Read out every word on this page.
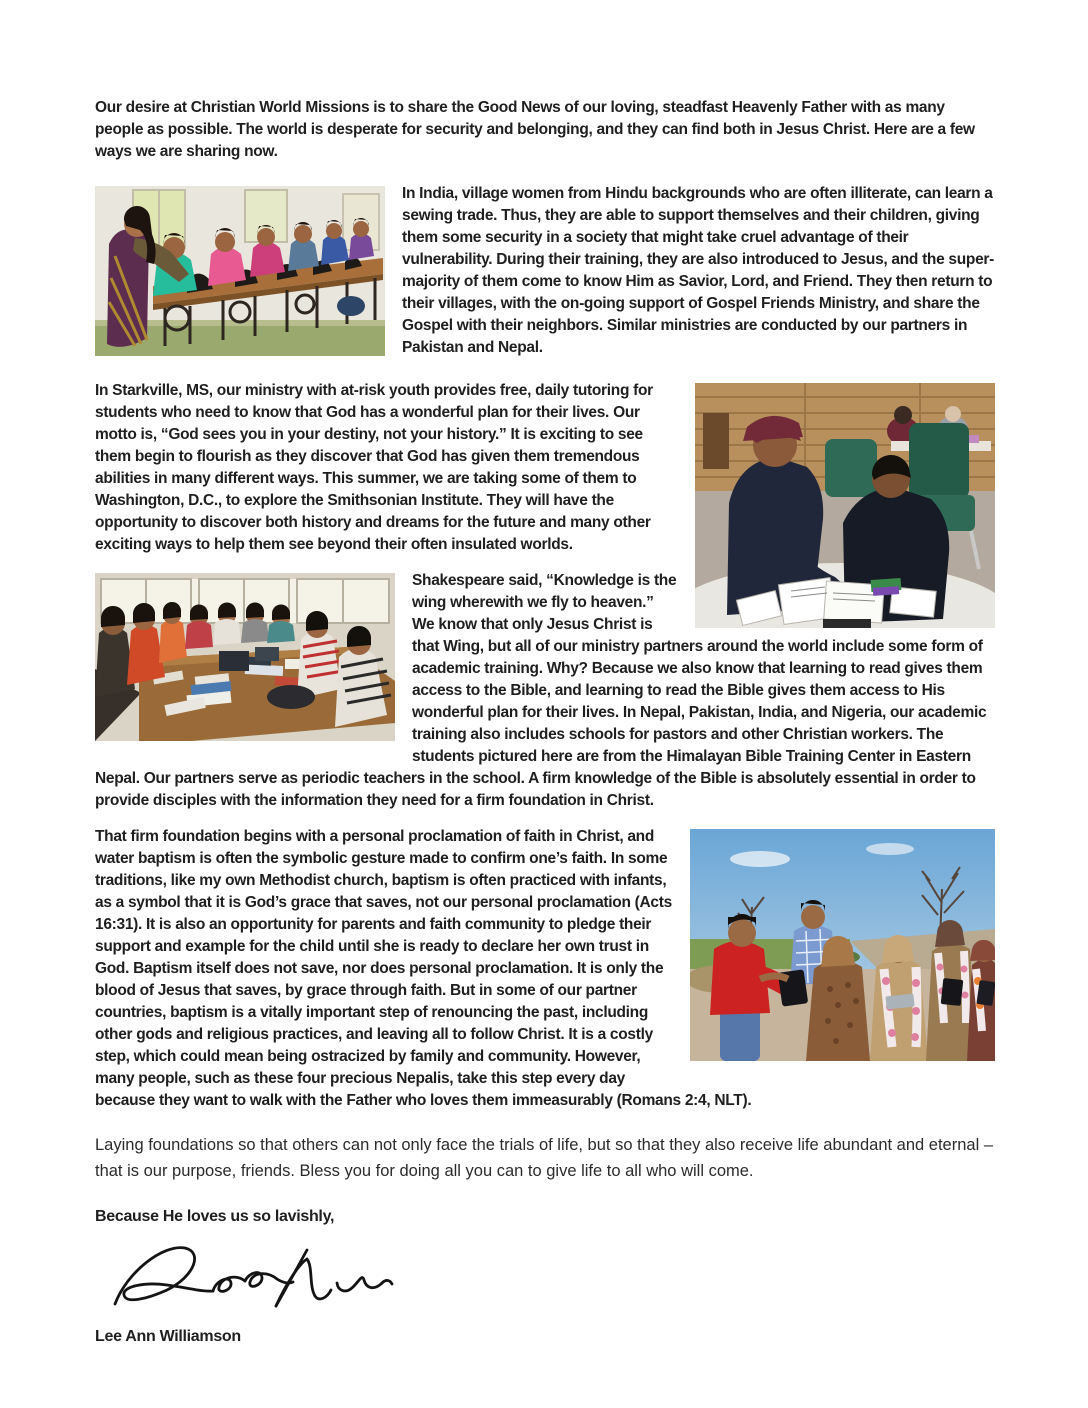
Our desire at Christian World Missions is to share the Good News of our loving, steadfast Heavenly Father with as many people as possible. The world is desperate for security and belonging, and they can find both in Jesus Christ. Here are a few ways we are sharing now.

In India, village women from Hindu backgrounds who are often illiterate, can learn a sewing trade. Thus, they are able to support themselves and their children, giving them some security in a society that might take cruel advantage of their vulnerability. During their training, they are also introduced to Jesus, and the super-majority of them come to know Him as Savior, Lord, and Friend. They then return to their villages, with the on-going support of Gospel Friends Ministry, and share the Gospel with their neighbors. Similar ministries are conducted by our partners in Pakistan and Nepal.

In Starkville, MS, our ministry with at-risk youth provides free, daily tutoring for students who need to know that God has a wonderful plan for their lives. Our motto is, “God sees you in your destiny, not your history.” It is exciting to see them begin to flourish as they discover that God has given them tremendous abilities in many different ways. This summer, we are taking some of them to Washington, D.C., to explore the Smithsonian Institute. They will have the opportunity to discover both history and dreams for the future and many other exciting ways to help them see beyond their often insulated worlds.

Shakespeare said, “Knowledge is the wing wherewith we fly to heaven.” We know that only Jesus Christ is that Wing, but all of our ministry partners around the world include some form of academic training. Why? Because we also know that learning to read gives them access to the Bible, and learning to read the Bible gives them access to His wonderful plan for their lives. In Nepal, Pakistan, India, and Nigeria, our academic training also includes schools for pastors and other Christian workers. The students pictured here are from the Himalayan Bible Training Center in Eastern Nepal. Our partners serve as periodic teachers in the school. A firm knowledge of the Bible is absolutely essential in order to provide disciples with the information they need for a firm foundation in Christ.

That firm foundation begins with a personal proclamation of faith in Christ, and water baptism is often the symbolic gesture made to confirm one’s faith. In some traditions, like my own Methodist church, baptism is often practiced with infants, as a symbol that it is God’s grace that saves, not our personal proclamation (Acts 16:31). It is also an opportunity for parents and faith community to pledge their support and example for the child until she is ready to declare her own trust in God. Baptism itself does not save, nor does personal proclamation. It is only the blood of Jesus that saves, by grace through faith. But in some of our partner countries, baptism is a vitally important step of renouncing the past, including other gods and religious practices, and leaving all to follow Christ. It is a costly step, which could mean being ostracized by family and community. However, many people, such as these four precious Nepalis, take this step every day because they want to walk with the Father who loves them immeasurably (Romans 2:4, NLT).

Laying foundations so that others can not only face the trials of life, but so that they also receive life abundant and eternal – that is our purpose, friends. Bless you for doing all you can to give life to all who will come.

Because He loves us so lavishly,

Lee Ann Williamson
